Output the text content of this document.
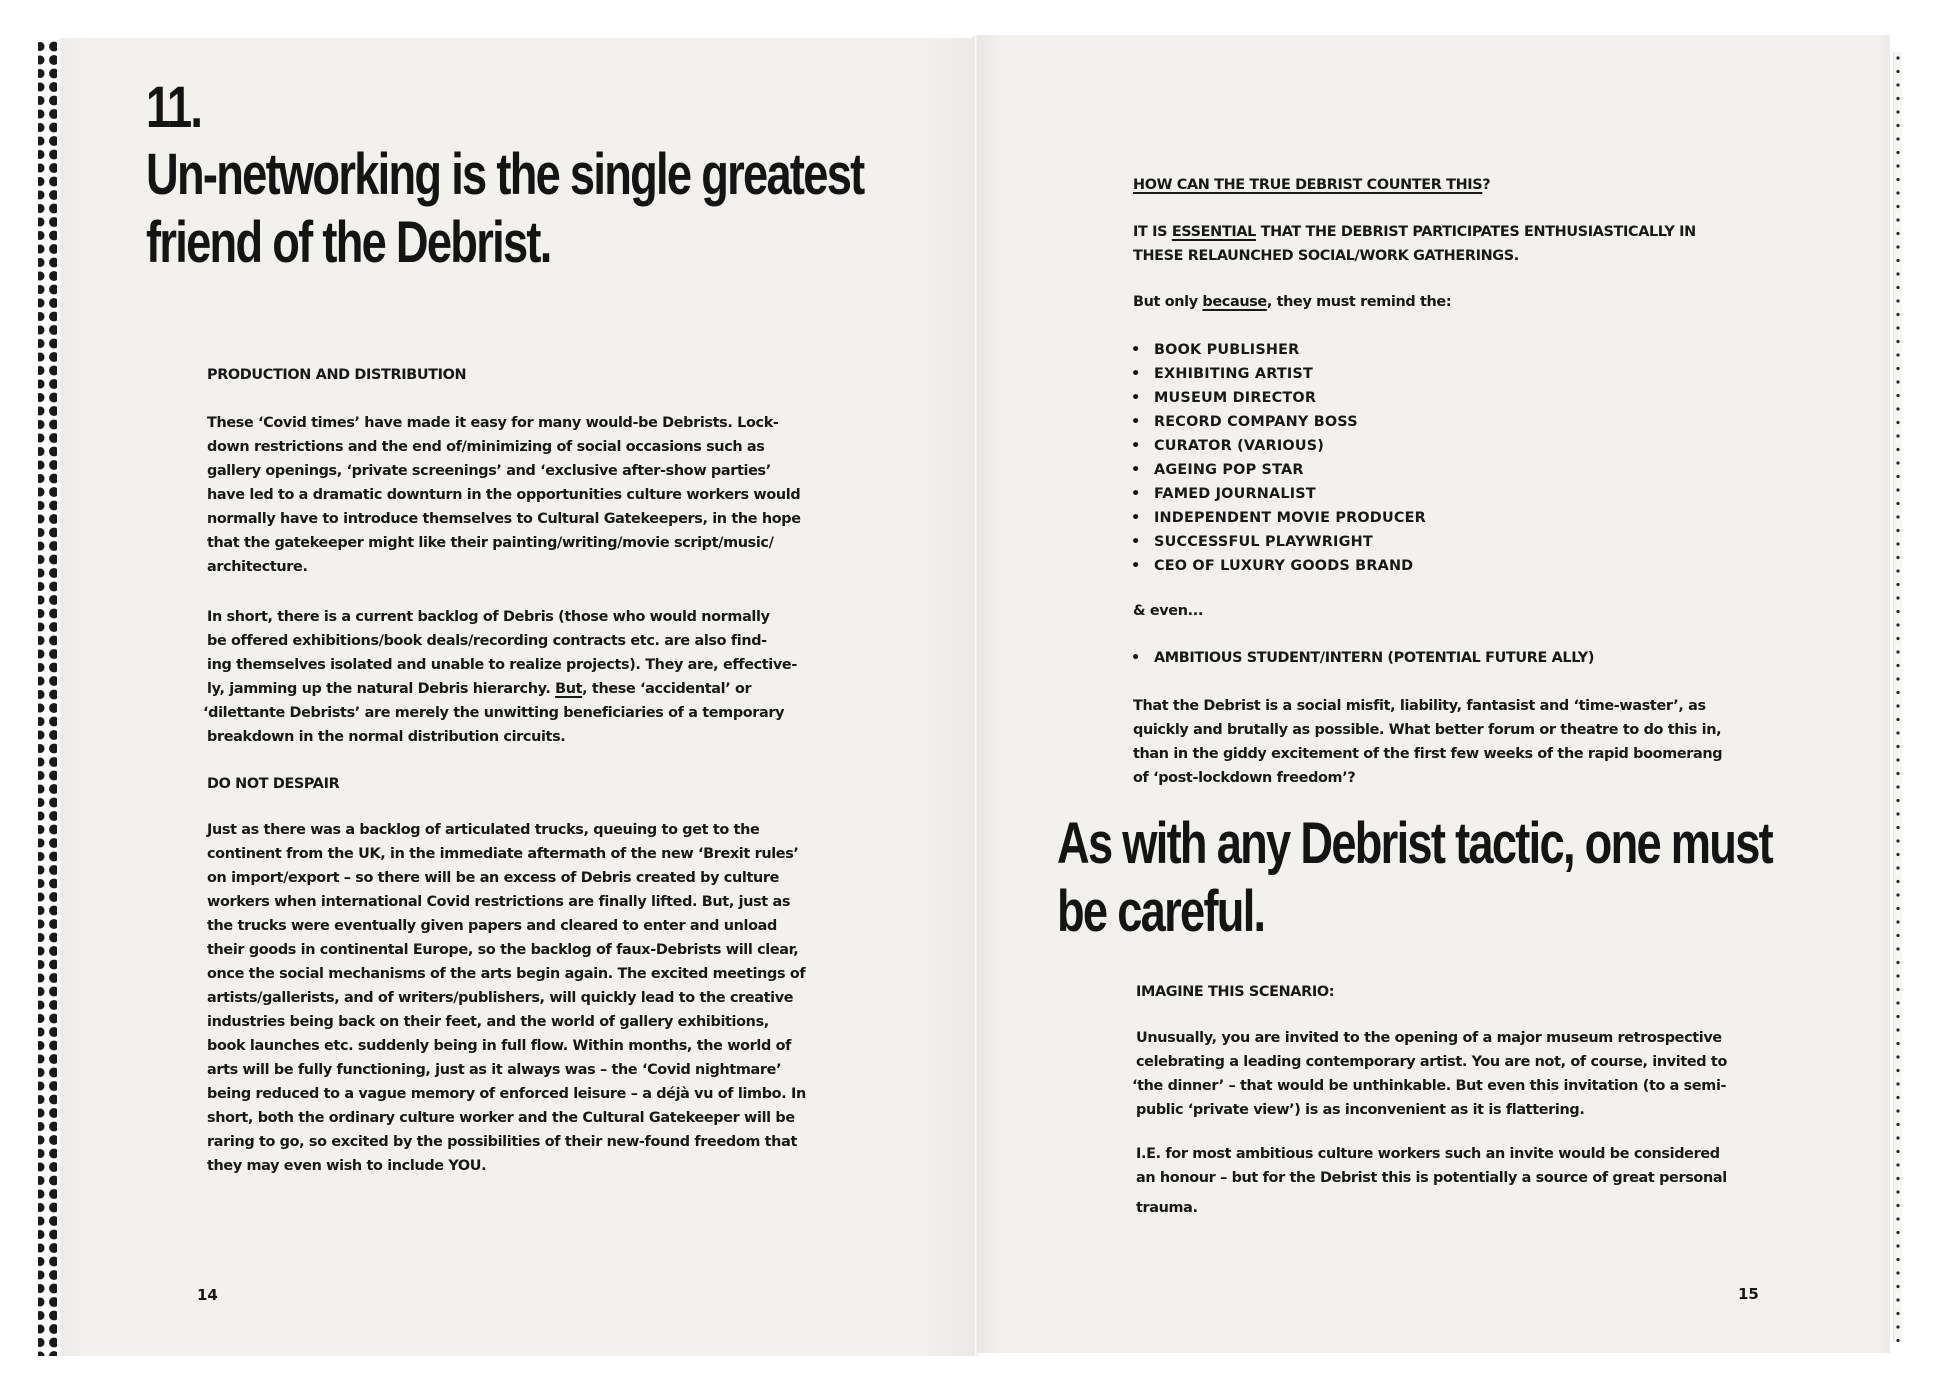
11.
Un-networking is the single greatest
friend of the Debrist.

PRODUCTION AND DISTRIBUTION

These ‘Covid times’ have made it easy for many would-be Debrists. Lock-

down restrictions and the end of/minimizing of social occasions such as

gallery openings, ‘private screenings’ and ‘exclusive after-show parties’

have led to a dramatic downturn in the opportunities culture workers would

normally have to introduce themselves to Cultural Gatekeepers, in the hope

that the gatekeeper might like their painting/writing/movie script/music/

architecture.

In short, there is a current backlog of Debris (those who would normally

be offered exhibitions/book deals/recording contracts etc. are also find-

ing themselves isolated and unable to realize projects). They are, effective-

ly, jamming up the natural Debris hierarchy. But, these ‘accidental’ or

‘dilettante Debrists’ are merely the unwitting beneficiaries of a temporary

breakdown in the normal distribution circuits.

DO NOT DESPAIR

Just as there was a backlog of articulated trucks, queuing to get to the

continent from the UK, in the immediate aftermath of the new ‘Brexit rules’

on import/export – so there will be an excess of Debris created by culture

workers when international Covid restrictions are finally lifted. But, just as

the trucks were eventually given papers and cleared to enter and unload

their goods in continental Europe, so the backlog of faux-Debrists will clear,

once the social mechanisms of the arts begin again. The excited meetings of

artists/gallerists, and of writers/publishers, will quickly lead to the creative

industries being back on their feet, and the world of gallery exhibitions,

book launches etc. suddenly being in full flow. Within months, the world of

arts will be fully functioning, just as it always was – the ‘Covid nightmare’

being reduced to a vague memory of enforced leisure – a déjà vu of limbo. In

short, both the ordinary culture worker and the Cultural Gatekeeper will be

raring to go, so excited by the possibilities of their new-found freedom that

they may even wish to include YOU.

14

HOW CAN THE TRUE DEBRIST COUNTER THIS?

IT IS ESSENTIAL THAT THE DEBRIST PARTICIPATES ENTHUSIASTICALLY IN

THESE RELAUNCHED SOCIAL/WORK GATHERINGS.

But only because, they must remind the:

• BOOK PUBLISHER
• EXHIBITING ARTIST
• MUSEUM DIRECTOR
• RECORD COMPANY BOSS
• CURATOR (VARIOUS)
• AGEING POP STAR
• FAMED JOURNALIST
• INDEPENDENT MOVIE PRODUCER
• SUCCESSFUL PLAYWRIGHT
• CEO OF LUXURY GOODS BRAND

& even...

• AMBITIOUS STUDENT/INTERN (POTENTIAL FUTURE ALLY)

That the Debrist is a social misfit, liability, fantasist and ‘time-waster’, as

quickly and brutally as possible. What better forum or theatre to do this in,

than in the giddy excitement of the first few weeks of the rapid boomerang

of ‘post-lockdown freedom’?

As with any Debrist tactic, one must
be careful.

IMAGINE THIS SCENARIO:

Unusually, you are invited to the opening of a major museum retrospective

celebrating a leading contemporary artist. You are not, of course, invited to

‘the dinner’ – that would be unthinkable. But even this invitation (to a semi-

public ‘private view’) is as inconvenient as it is flattering.

I.E. for most ambitious culture workers such an invite would be considered

an honour – but for the Debrist this is potentially a source of great personal

trauma.

15
